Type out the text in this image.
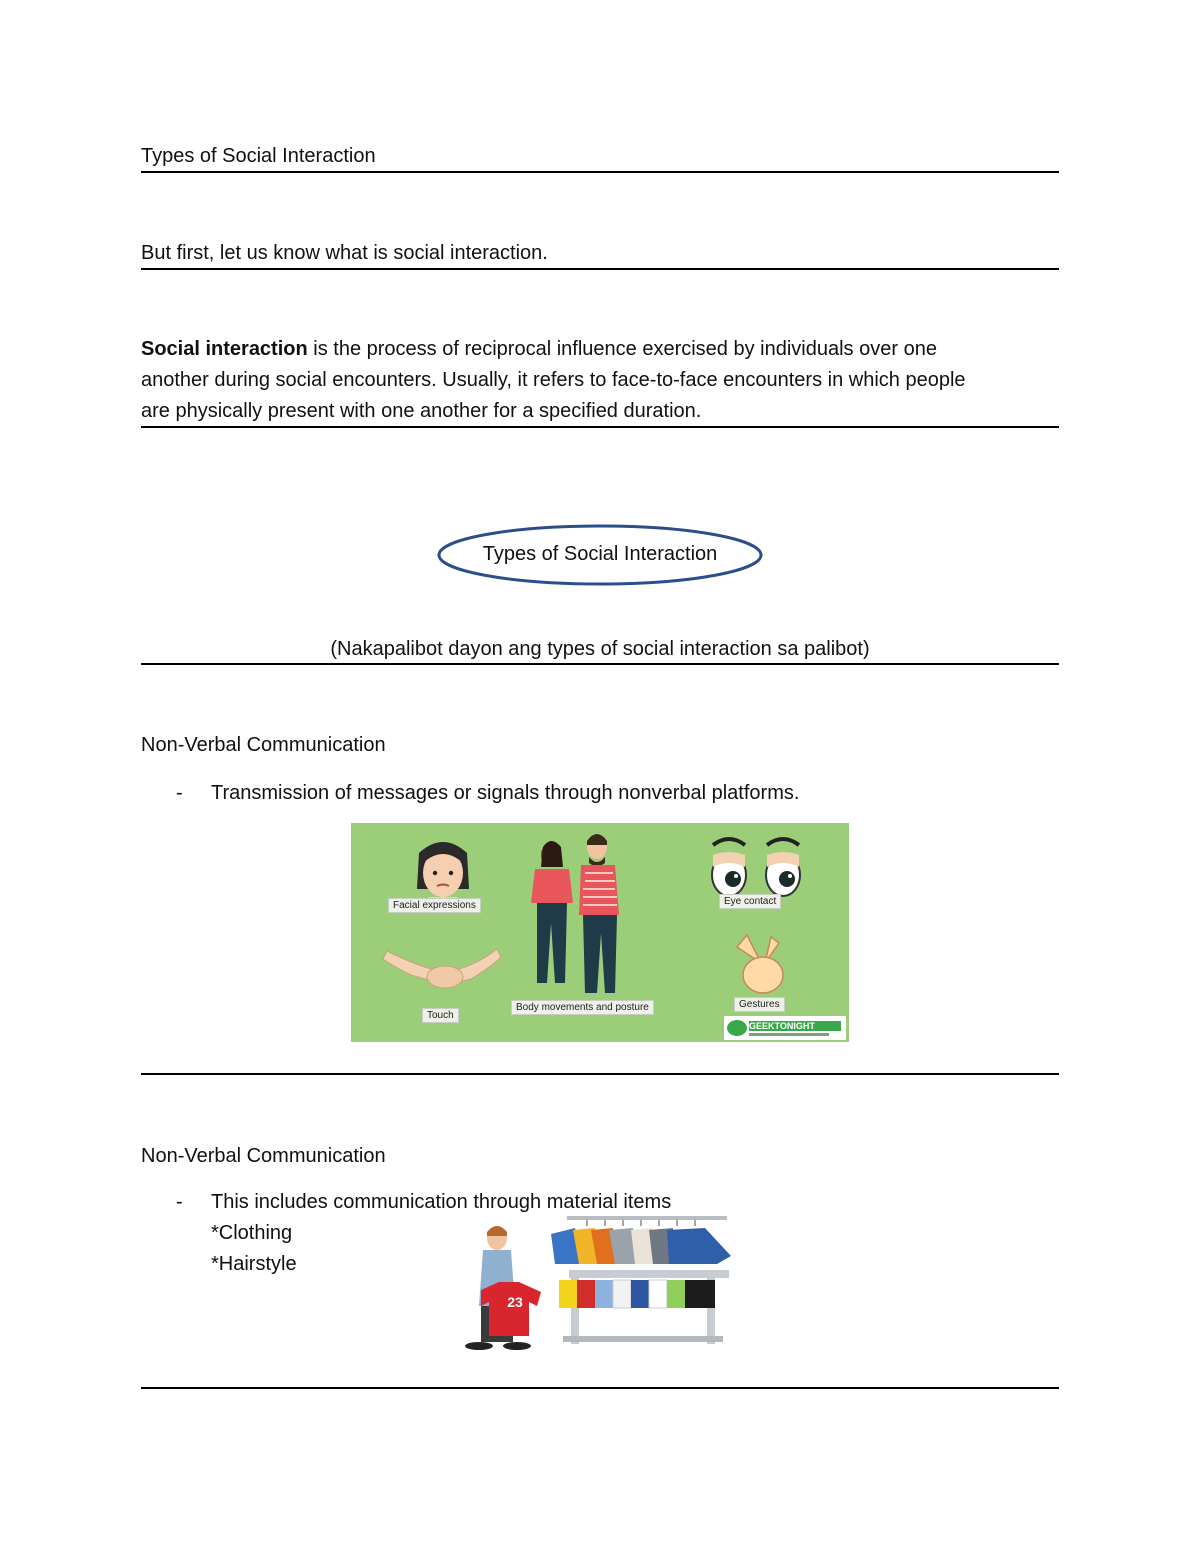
Types of Social Interaction
But first, let us know what is social interaction.
Social interaction is the process of reciprocal influence exercised by individuals over one
another during social encounters. Usually, it refers to face-to-face encounters in which people
are physically present with one another for a specified duration.
Types of Social Interaction
(Nakapalibot dayon ang types of social interaction sa palibot)
Non-Verbal Communication
- Transmission of messages or signals through nonverbal platforms.
Facial expressions	Eye contact
Touch
Body movements and posture	Gestures
GEEKTONIGHT
Non-Verbal Communication
- This includes communication through material items
*Clothing
*Hairstyle
23
